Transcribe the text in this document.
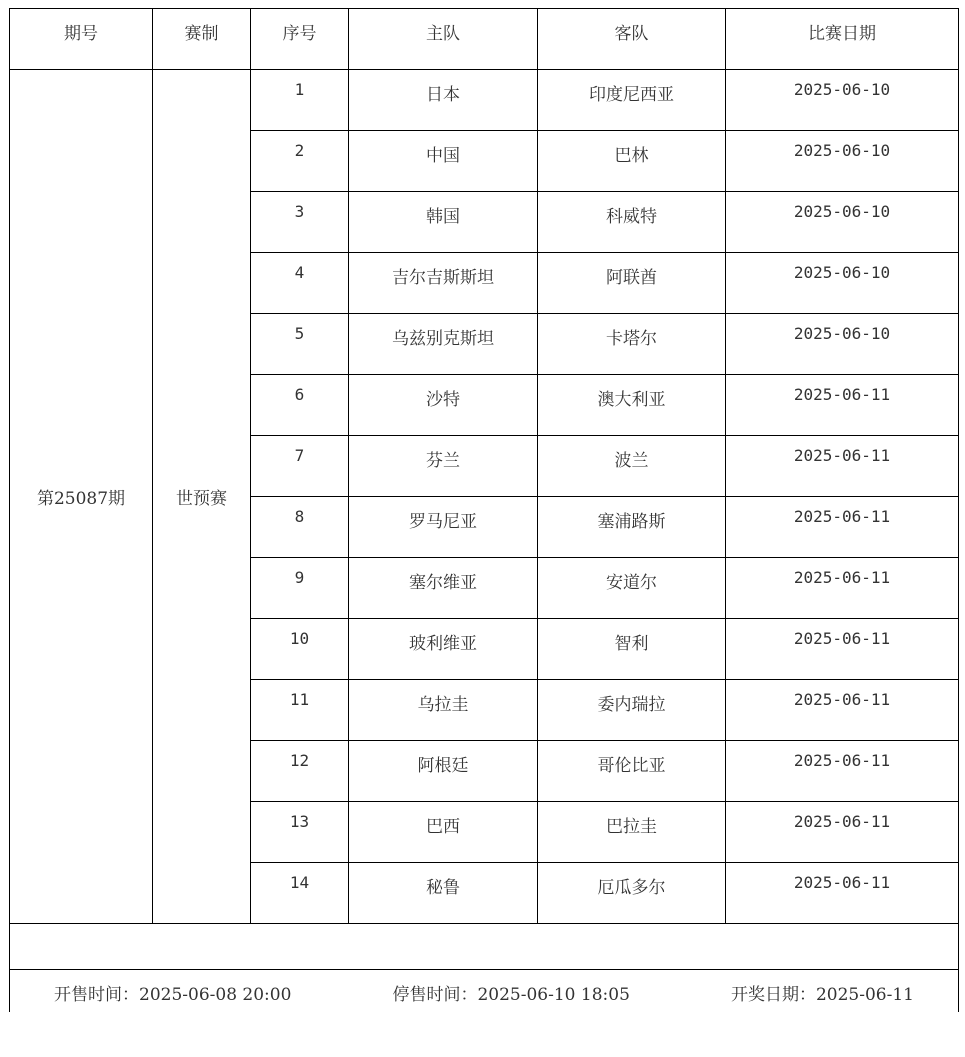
期号	赛制	序号	主队	客队	比赛日期
第25087期	世预赛	1	日本	印度尼西亚	2025-06-10
		2	中国	巴林	2025-06-10
		3	韩国	科威特	2025-06-10
		4	吉尔吉斯斯坦	阿联酋	2025-06-10
		5	乌兹别克斯坦	卡塔尔	2025-06-10
		6	沙特	澳大利亚	2025-06-11
		7	芬兰	波兰	2025-06-11
		8	罗马尼亚	塞浦路斯	2025-06-11
		9	塞尔维亚	安道尔	2025-06-11
		10	玻利维亚	智利	2025-06-11
		11	乌拉圭	委内瑞拉	2025-06-11
		12	阿根廷	哥伦比亚	2025-06-11
		13	巴西	巴拉圭	2025-06-11
		14	秘鲁	厄瓜多尔	2025-06-11

开售时间：2025-06-08 20:00 停售时间：2025-06-10 18:05 开奖日期：2025-06-11					
